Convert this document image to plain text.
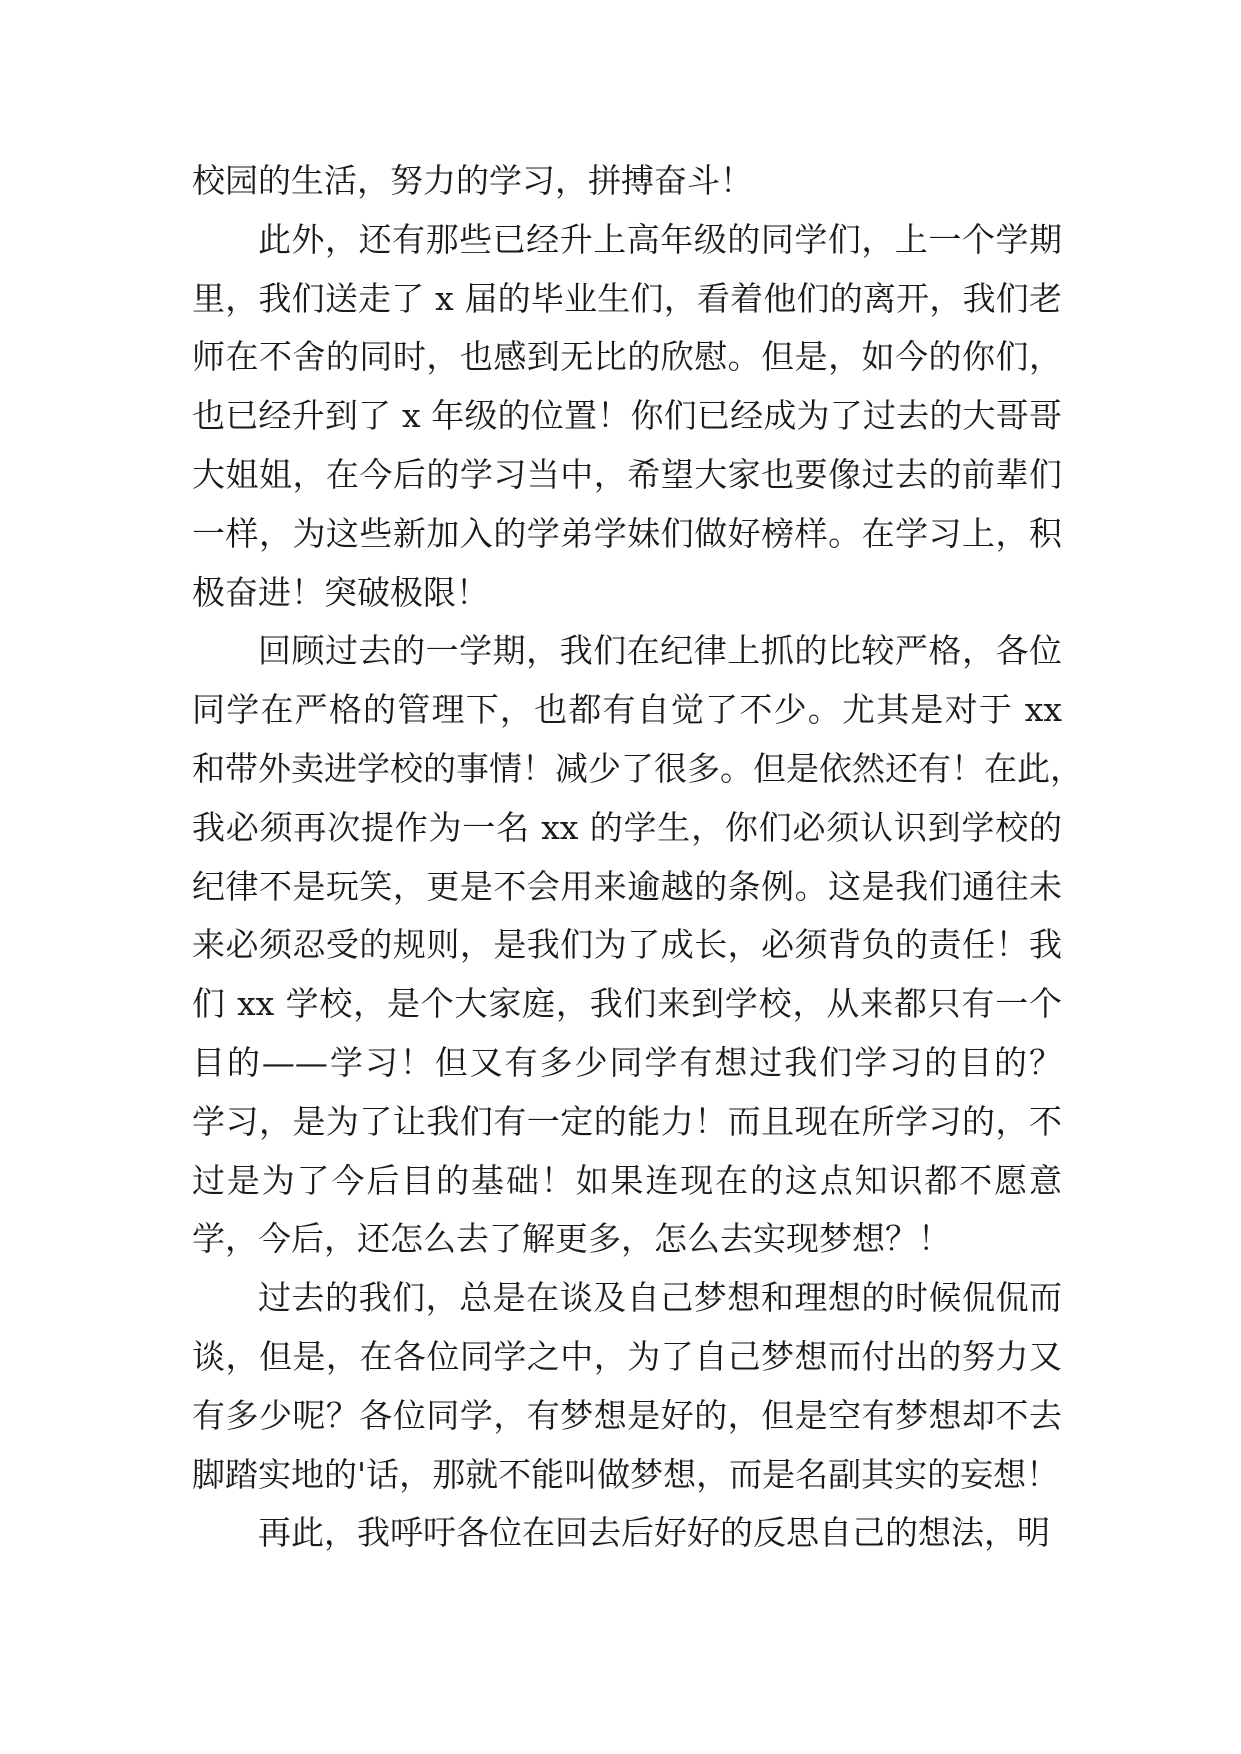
校园的生活，努力的学习，拼搏奋斗！
此外，还有那些已经升上高年级的同学们，上一个学期
里，我们送走了 x 届的毕业生们，看着他们的离开，我们老
师在不舍的同时，也感到无比的欣慰。但是，如今的你们，
也已经升到了 x 年级的位置！你们已经成为了过去的大哥哥
大姐姐，在今后的学习当中，希望大家也要像过去的前辈们
一样，为这些新加入的学弟学妹们做好榜样。在学习上，积
极奋进！突破极限！
回顾过去的一学期，我们在纪律上抓的比较严格，各位
同学在严格的管理下，也都有自觉了不少。尤其是对于 xx
和带外卖进学校的事情！减少了很多。但是依然还有！在此，
我必须再次提作为一名 xx 的学生，你们必须认识到学校的
纪律不是玩笑，更是不会用来逾越的条例。这是我们通往未
来必须忍受的规则，是我们为了成长，必须背负的责任！我
们 xx 学校，是个大家庭，我们来到学校，从来都只有一个
目的——学习！但又有多少同学有想过我们学习的目的？
学习，是为了让我们有一定的能力！而且现在所学习的，不
过是为了今后目的基础！如果连现在的这点知识都不愿意
学，今后，还怎么去了解更多，怎么去实现梦想？！
过去的我们，总是在谈及自己梦想和理想的时候侃侃而
谈，但是，在各位同学之中，为了自己梦想而付出的努力又
有多少呢？各位同学，有梦想是好的，但是空有梦想却不去
脚踏实地的'话，那就不能叫做梦想，而是名副其实的妄想！
再此，我呼吁各位在回去后好好的反思自己的想法，明
